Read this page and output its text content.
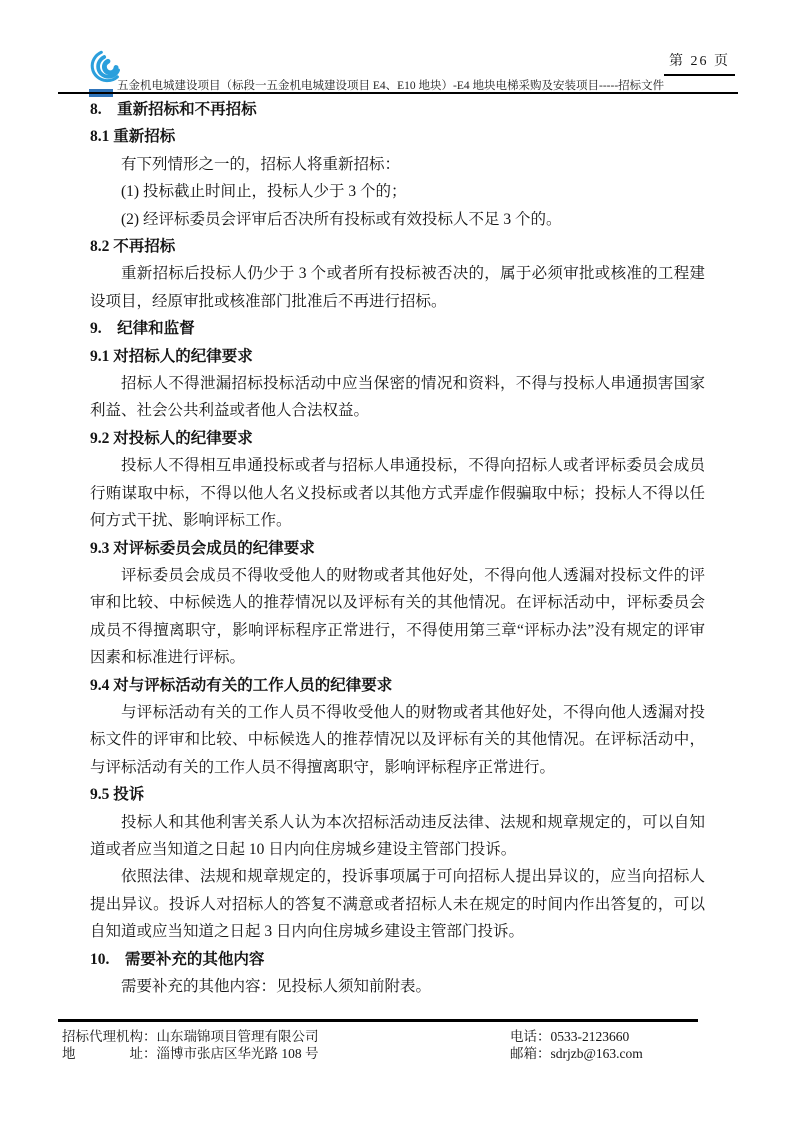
第 26 页
五金机电城建设项目（标段一五金机电城建设项目 E4、E10 地块）-E4 地块电梯采购及安装项目-----招标文件
8.　重新招标和不再招标
8.1 重新招标
有下列情形之一的，招标人将重新招标：
(1) 投标截止时间止，投标人少于 3 个的；
(2) 经评标委员会评审后否决所有投标或有效投标人不足 3 个的。
8.2 不再招标
重新招标后投标人仍少于 3 个或者所有投标被否决的，属于必须审批或核准的工程建设项目，经原审批或核准部门批准后不再进行招标。
9.　纪律和监督
9.1 对招标人的纪律要求
招标人不得泄漏招标投标活动中应当保密的情况和资料，不得与投标人串通损害国家利益、社会公共利益或者他人合法权益。
9.2 对投标人的纪律要求
投标人不得相互串通投标或者与招标人串通投标，不得向招标人或者评标委员会成员行贿谋取中标，不得以他人名义投标或者以其他方式弄虚作假骗取中标；投标人不得以任何方式干扰、影响评标工作。
9.3 对评标委员会成员的纪律要求
评标委员会成员不得收受他人的财物或者其他好处，不得向他人透漏对投标文件的评审和比较、中标候选人的推荐情况以及评标有关的其他情况。在评标活动中，评标委员会成员不得擅离职守，影响评标程序正常进行，不得使用第三章“评标办法”没有规定的评审因素和标准进行评标。
9.4 对与评标活动有关的工作人员的纪律要求
与评标活动有关的工作人员不得收受他人的财物或者其他好处，不得向他人透漏对投标文件的评审和比较、中标候选人的推荐情况以及评标有关的其他情况。在评标活动中，与评标活动有关的工作人员不得擅离职守，影响评标程序正常进行。
9.5 投诉
投标人和其他利害关系人认为本次招标活动违反法律、法规和规章规定的，可以自知道或者应当知道之日起 10 日内向住房城乡建设主管部门投诉。
依照法律、法规和规章规定的，投诉事项属于可向招标人提出异议的，应当向招标人提出异议。投诉人对招标人的答复不满意或者招标人未在规定的时间内作出答复的，可以自知道或应当知道之日起 3 日内向住房城乡建设主管部门投诉。
10.　需要补充的其他内容
需要补充的其他内容：见投标人须知前附表。
招标代理机构：山东瑞锦项目管理有限公司
地　　　　址：淄博市张店区华光路 108 号
电话：0533-2123660
邮箱：sdrjzb@163.com
